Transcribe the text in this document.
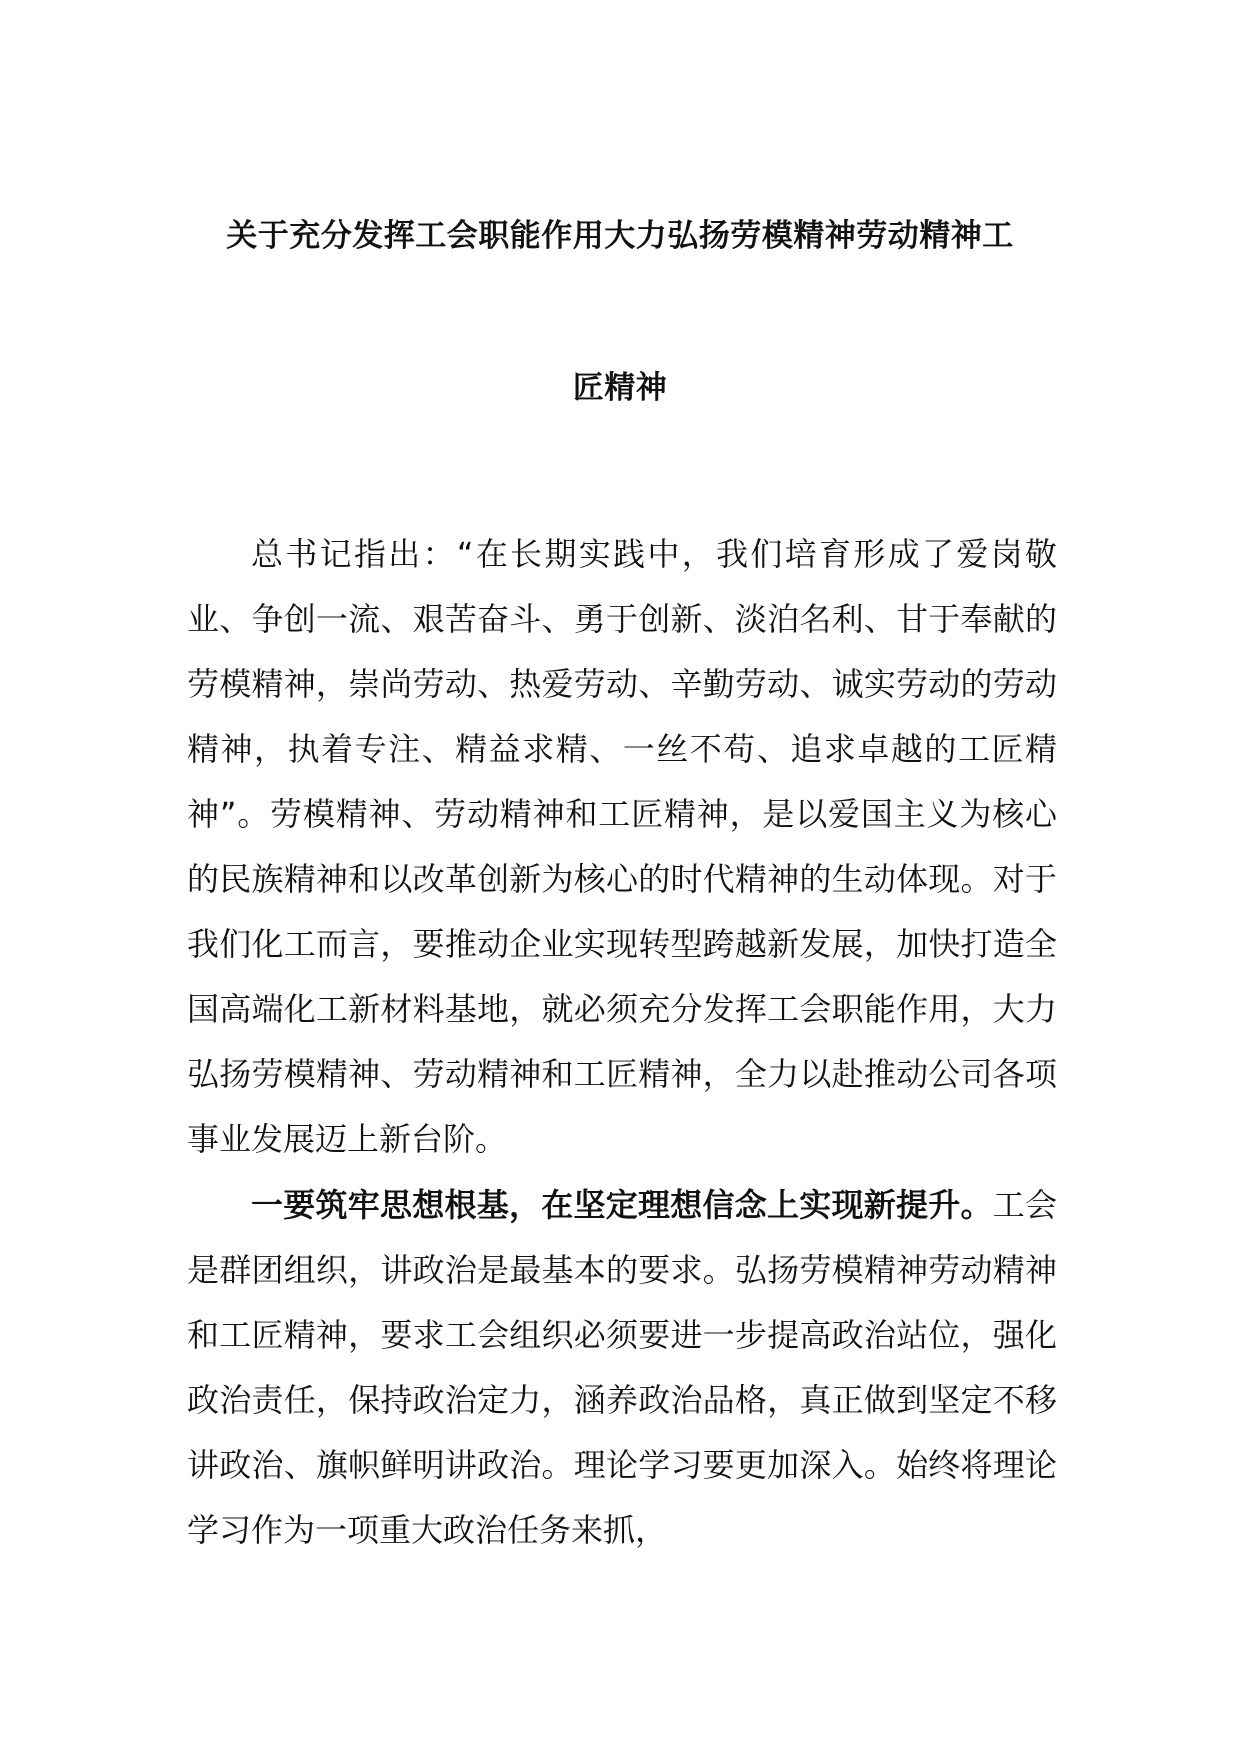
关于充分发挥工会职能作用大力弘扬劳模精神劳动精神工
匠精神

总书记指出：“在长期实践中，我们培育形成了爱岗敬业、争创一流、艰苦奋斗、勇于创新、淡泊名利、甘于奉献的劳模精神，崇尚劳动、热爱劳动、辛勤劳动、诚实劳动的劳动精神，执着专注、精益求精、一丝不苟、追求卓越的工匠精神”。劳模精神、劳动精神和工匠精神，是以爱国主义为核心的民族精神和以改革创新为核心的时代精神的生动体现。对于我们化工而言，要推动企业实现转型跨越新发展，加快打造全国高端化工新材料基地，就必须充分发挥工会职能作用，大力弘扬劳模精神、劳动精神和工匠精神，全力以赴推动公司各项事业发展迈上新台阶。

一要筑牢思想根基，在坚定理想信念上实现新提升。工会是群团组织，讲政治是最基本的要求。弘扬劳模精神劳动精神和工匠精神，要求工会组织必须要进一步提高政治站位，强化政治责任，保持政治定力，涵养政治品格，真正做到坚定不移讲政治、旗帜鲜明讲政治。理论学习要更加深入。始终将理论学习作为一项重大政治任务来抓，
